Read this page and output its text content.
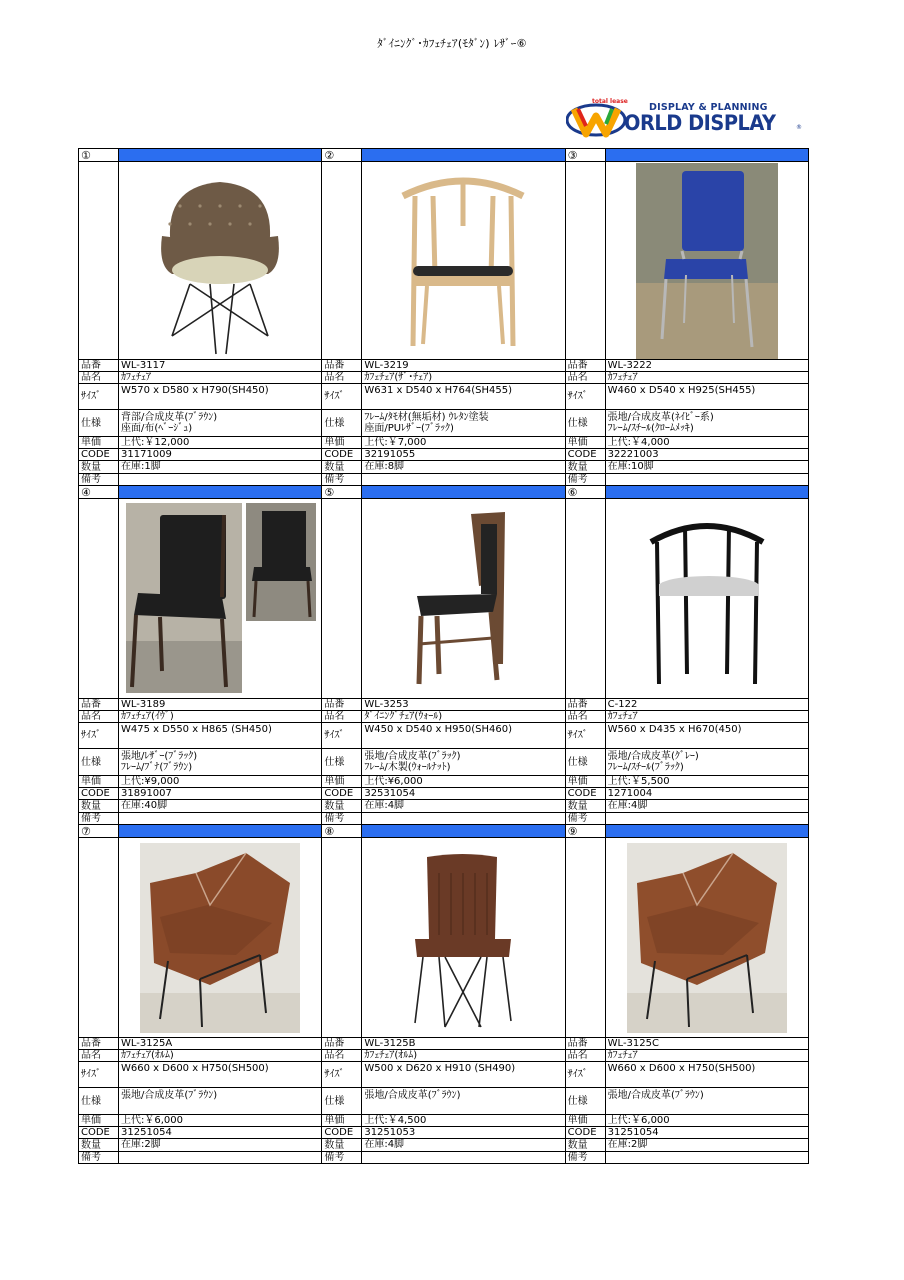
ﾀﾞｲﾆﾝｸﾞ･ｶﾌｪﾁｪｱ(ﾓﾀﾞﾝ) ﾚｻﾞｰ⑥
total lease
DISPLAY & PLANNING
ORLD DISPLAY	®
①
品番	WL-3117
品名	ｶﾌｪﾁｪｱ
ｻｲｽﾞ
W570 x D580 x H790(SH450)
仕様	背部/合成皮革(ﾌﾞﾗｳﾝ)
座面/布(ﾍﾞｰｼﾞｭ)
単価	上代:￥12,000
CODE	31171009
数量	在庫:1脚
備考
②
品番	WL-3219
品名	ｶﾌｪﾁｪｱ(ｻﾞ･ﾁｪｱ)
ｻｲｽﾞ
W631 x D540 x H764(SH455)
仕様	ﾌﾚｰﾑ/ﾀﾓ材(無垢材) ｳﾚﾀﾝ塗装
座面/PUﾚｻﾞｰ(ﾌﾞﾗｯｸ)
単価	上代:￥7,000
CODE	32191055
数量	在庫:8脚
備考
③
品番	WL-3222
品名	ｶﾌｪﾁｪｱ
ｻｲｽﾞ
W460 x D540 x H925(SH455)
仕様	張地/合成皮革(ﾈｲﾋﾞｰ系)
ﾌﾚｰﾑ/ｽﾁｰﾙ(ｸﾛｰﾑﾒｯｷ)
単価	上代:￥4,000
CODE	32221003
数量	在庫:10脚
備考
④
品番	WL-3189
品名	ｶﾌｪﾁｪｱ(ｲｳﾞ)
ｻｲｽﾞ
W475 x D550 x H865 (SH450)
仕様	張地/ﾚｻﾞｰ(ﾌﾞﾗｯｸ)
ﾌﾚｰﾑ/ﾌﾞﾅ(ﾌﾞﾗｳﾝ)
単価	上代:¥9,000
CODE	31891007
数量	在庫:40脚
備考
⑤
品番	WL-3253
品名	ﾀﾞｲﾆﾝｸﾞﾁｪｱ(ｳｫｰﾙ)
ｻｲｽﾞ
W450 x D540 x H950(SH460)
仕様	張地/合成皮革(ﾌﾞﾗｯｸ)
ﾌﾚｰﾑ/木製(ｳｫｰﾙﾅｯﾄ)
単価	上代:¥6,000
CODE	32531054
数量	在庫:4脚
備考
⑥
品番	C-122
品名	ｶﾌｪﾁｪｱ
ｻｲｽﾞ
W560 x D435 x H670(450)
仕様	張地/合成皮革(ｸﾞﾚｰ)
ﾌﾚｰﾑ/ｽﾁｰﾙ(ﾌﾞﾗｯｸ)
単価	上代:￥5,500
CODE	1271004
数量	在庫:4脚
備考
⑦
品番	WL-3125A
品名	ｶﾌｪﾁｪｱ(ｵﾙﾑ)
ｻｲｽﾞ
W660 x D600 x H750(SH500)
仕様	張地/合成皮革(ﾌﾞﾗｳﾝ)
単価	上代:￥6,000
CODE	31251054
数量	在庫:2脚
備考
⑧
品番	WL-3125B
品名	ｶﾌｪﾁｪｱ(ｵﾙﾑ)
ｻｲｽﾞ
W500 x D620 x H910 (SH490)
仕様	張地/合成皮革(ﾌﾞﾗｳﾝ)
単価	上代:￥4,500
CODE	31251053
数量	在庫:4脚
備考
⑨
品番	WL-3125C
品名	ｶﾌｪﾁｪｱ
ｻｲｽﾞ
W660 x D600 x H750(SH500)
仕様	張地/合成皮革(ﾌﾞﾗｳﾝ)
単価	上代:￥6,000
CODE	31251054
数量	在庫:2脚
備考
